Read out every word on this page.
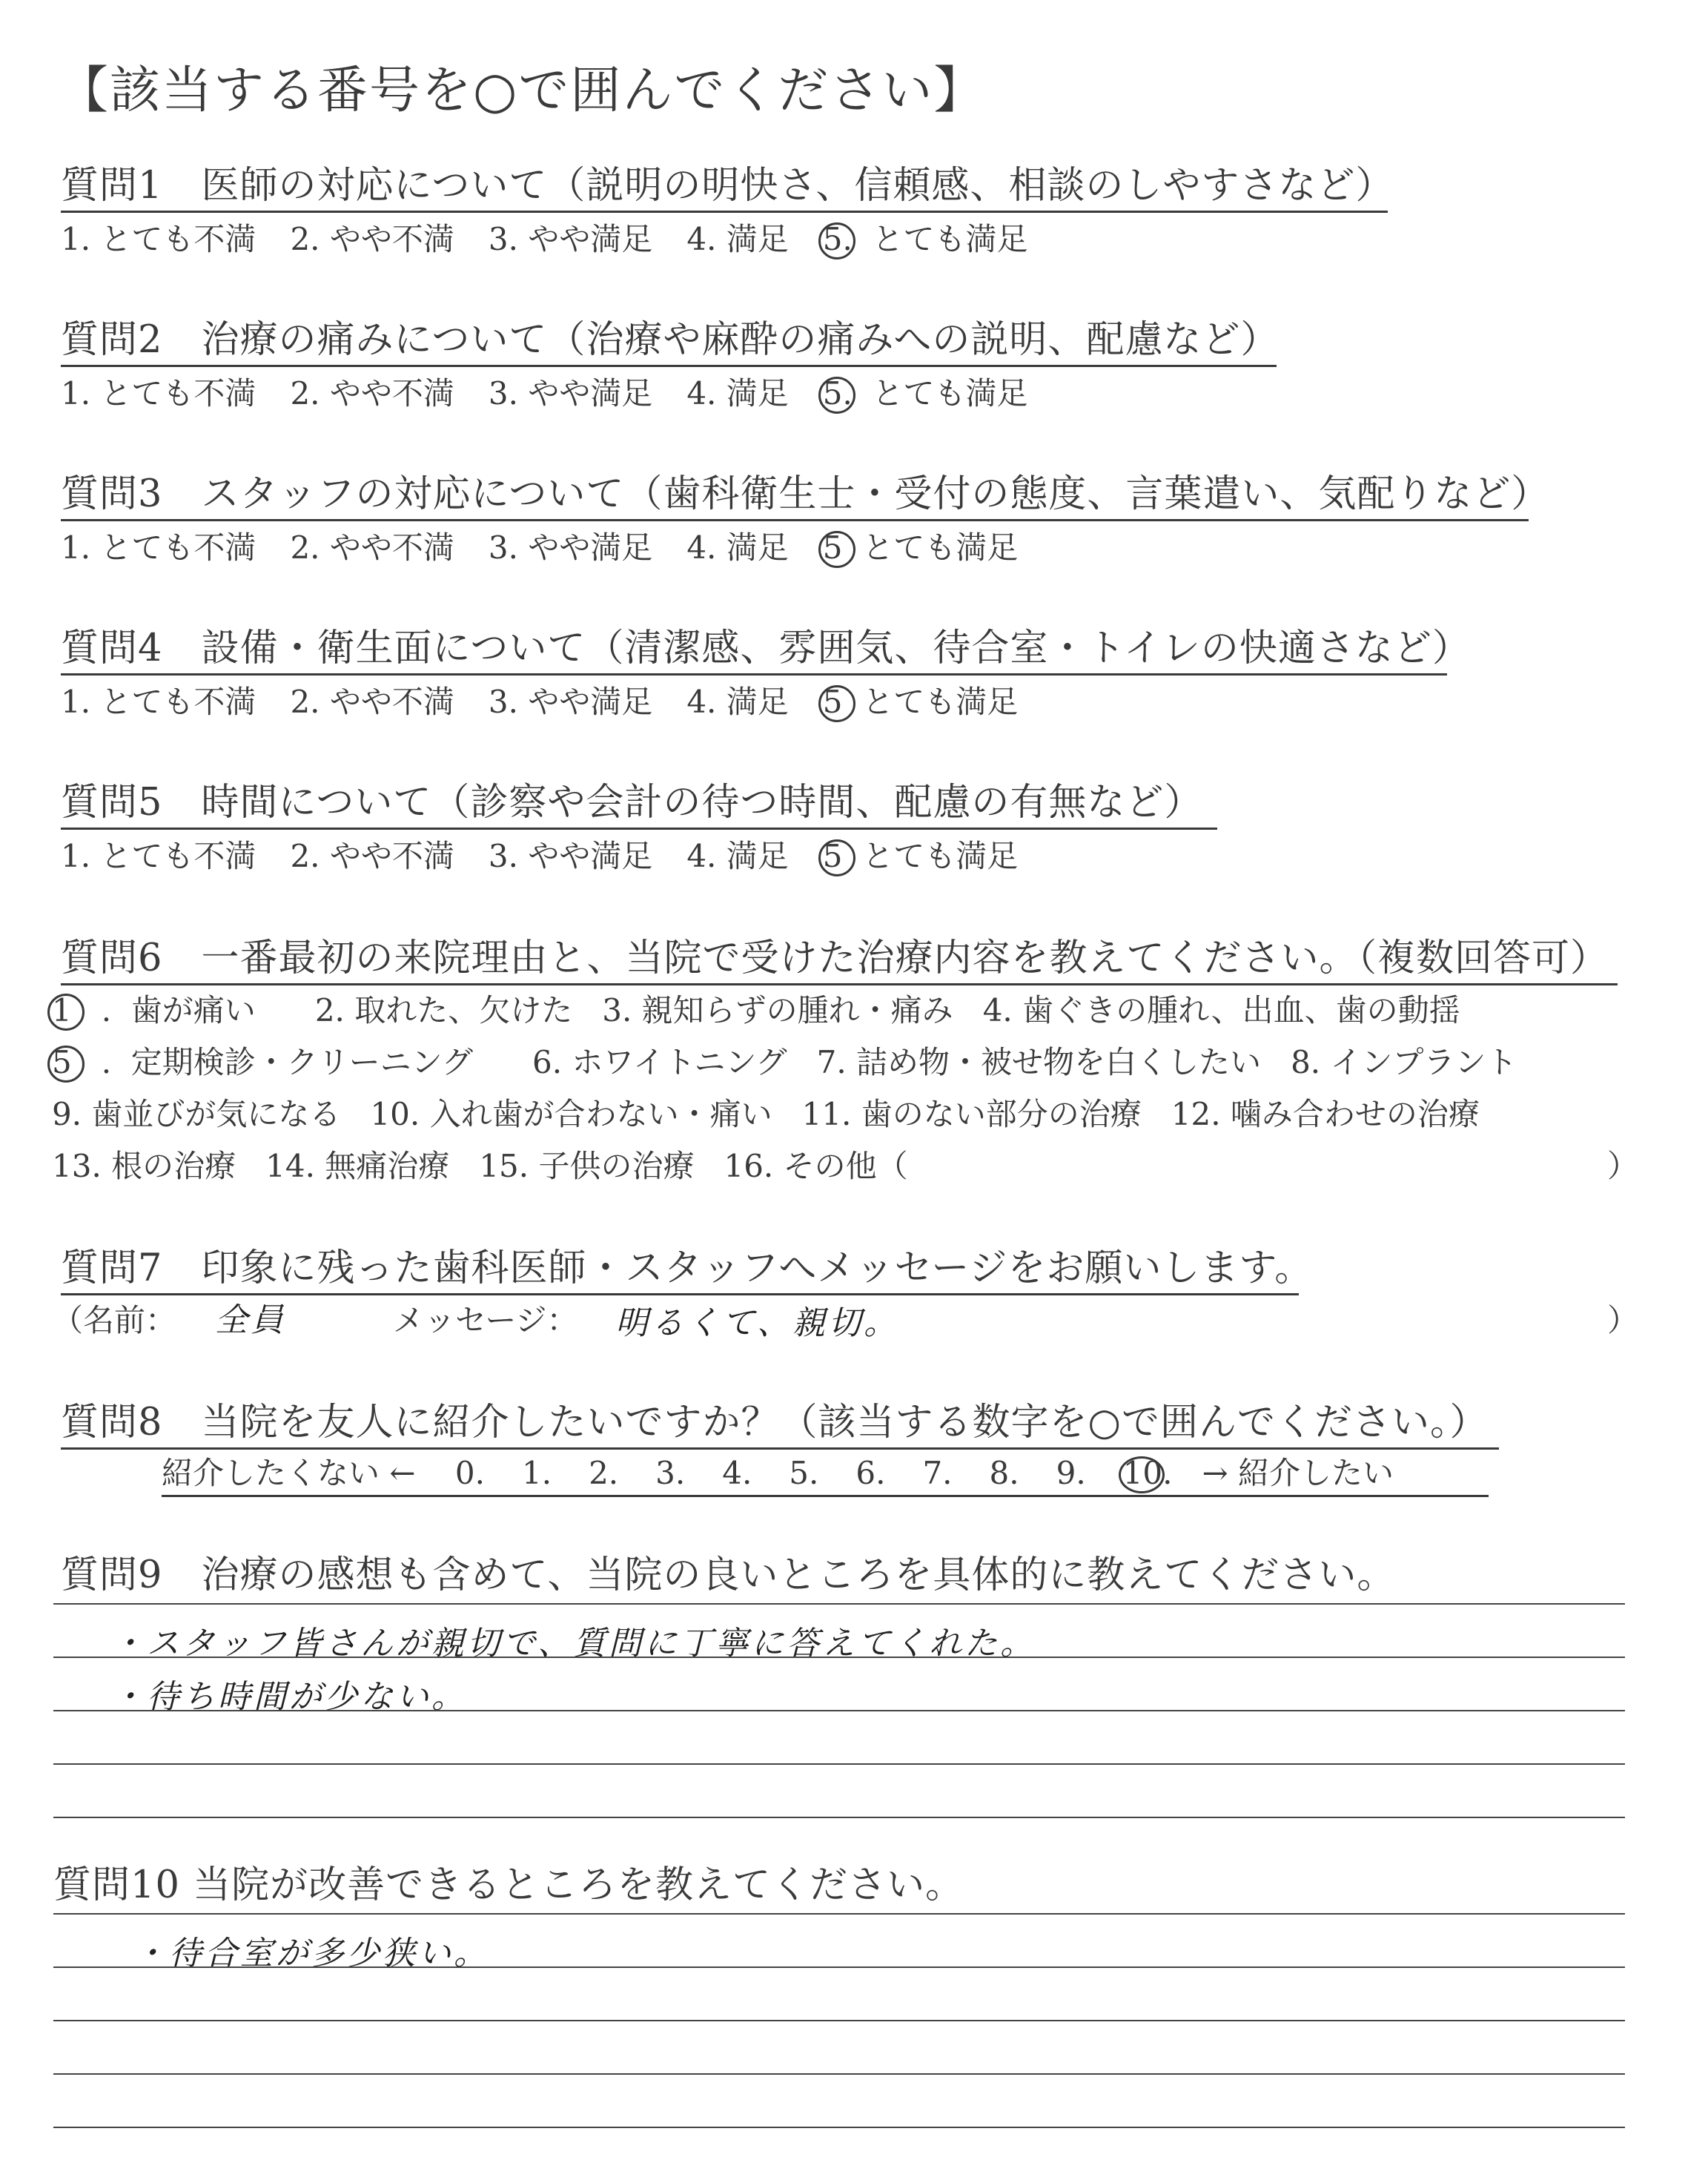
【該当する番号を○で囲んでください】
質問1　医師の対応について（説明の明快さ、信頼感、相談のしやすさなど）
1. とても不満 2. やや不満 3. やや満足 4. 満足 5.  とても満足
質問2　治療の痛みについて（治療や麻酔の痛みへの説明、配慮など）
1. とても不満 2. やや不満 3. やや満足 4. 満足 5.  とても満足
質問3　スタッフの対応について（歯科衛生士・受付の態度、言葉遣い、気配りなど）
1. とても不満 2. やや不満 3. やや満足 4. 満足 5 とても満足
質問4　設備・衛生面について（清潔感、雰囲気、待合室・トイレの快適さなど）
1. とても不満 2. やや不満 3. やや満足 4. 満足 5 とても満足
質問5　時間について（診察や会計の待つ時間、配慮の有無など）
1. とても不満 2. やや不満 3. やや満足 4. 満足 5 とても満足
質問6　一番最初の来院理由と、当院で受けた治療内容を教えてください。（複数回答可）
1 .  歯が痛い 2. 取れた、欠けた 3. 親知らずの腫れ・痛み 4. 歯ぐきの腫れ、出血、歯の動揺
5 .  定期検診・クリーニング 6. ホワイトニング 7. 詰め物・被せ物を白くしたい 8. インプラント
9. 歯並びが気になる 10. 入れ歯が合わない・痛い 11. 歯のない部分の治療 12. 噛み合わせの治療
13. 根の治療 14. 無痛治療 15. 子供の治療 16. その他（	）
質問7　印象に残った歯科医師・スタッフへメッセージをお願いします。
（名前： 全員	メッセージ： 明るくて、親切。	）
質問8　当院を友人に紹介したいですか？（該当する数字を○で囲んでください。）
紹介したくない ← 0. 1. 2. 3. 4. 5. 6. 7. 8. 9. 10. → 紹介したい
質問9　治療の感想も含めて、当院の良いところを具体的に教えてください。
・スタッフ皆さんが親切で、質問に丁寧に答えてくれた。
・待ち時間が少ない。
質問10 当院が改善できるところを教えてください。
・待合室が多少狭い。
